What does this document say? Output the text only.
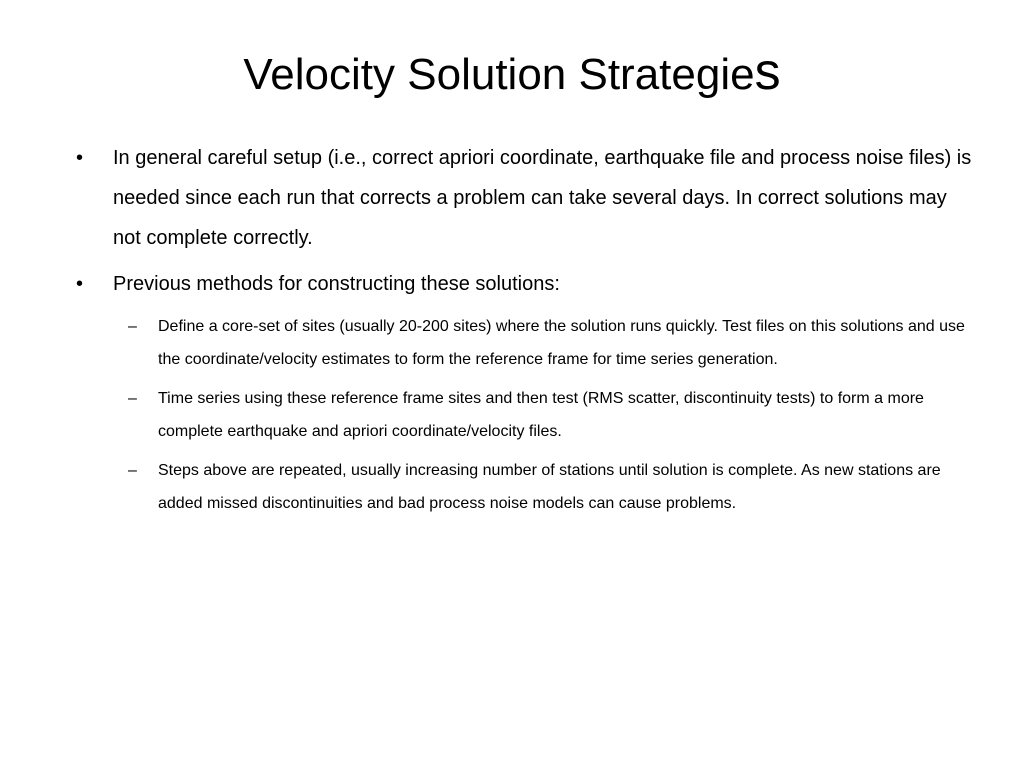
Velocity Solution Strategies
• In general careful setup (i.e., correct apriori coordinate, earthquake file and process noise files) is needed since each run that corrects a problem can take several days. In correct solutions may not complete correctly.
• Previous methods for constructing these solutions:
– Define a core-set of sites (usually 20-200 sites) where the solution runs quickly. Test files on this solutions and use the coordinate/velocity estimates to form the reference frame for time series generation.
– Time series using these reference frame sites and then test (RMS scatter, discontinuity tests) to form a more complete earthquake and apriori coordinate/velocity files.
– Steps above are repeated, usually increasing number of stations until solution is complete. As new stations are added missed discontinuities and bad process noise models can cause problems.
